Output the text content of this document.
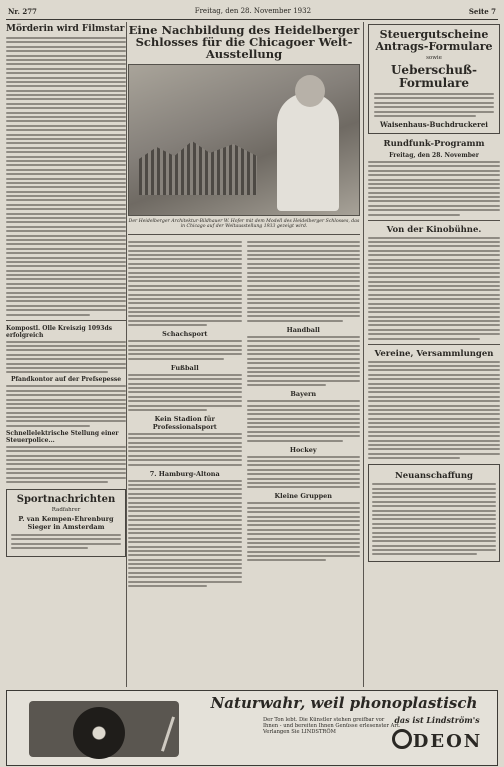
Nr. 277	Freitag, den 28. November 1932	Seite 7
Mörderin wird Filmstar
Kompostl. Olle Kreiszig 1093ds erfolgreich
Pfandkontor auf der Prefsepesse
Schnellelektrische Stellung einer Steuerpolice...
Sportnachrichten
Radfahrer
P. van Kempen-Ehrenburg Sieger in Amsterdam
Eine Nachbildung des Heidelberger Schlosses für die Chicagoer Welt-Ausstellung
Der Heidelberger Architektur-Bildhauer W. Hofer mit dem Modell des Heidelberger Schlosses, das in Chicago auf der Weltausstellung 1933 gezeigt wird.
Schachsport
Fußball
Kein Stadion für Professionalsport
7. Hamburg-Altona
Handball
Bayern
Hockey
Kleine Gruppen
Steuergutscheine
Antrags-Formulare
sowie
Ueberschuß-Formulare
Waisenhaus-Buchdruckerei
Rundfunk-Programm
Freitag, den 28. November
Von der Kinobühne.
Vereine, Versammlungen
Neuanschaffung
Naturwahr, weil phonoplastisch
Der Ton lebt. Die Künstler stehen greifbar vor Ihnen - und bereiten Ihnen Genüsse erlesenster Art. Verlangen Sie LINDSTRÖM
das ist Lindström's
DEON
